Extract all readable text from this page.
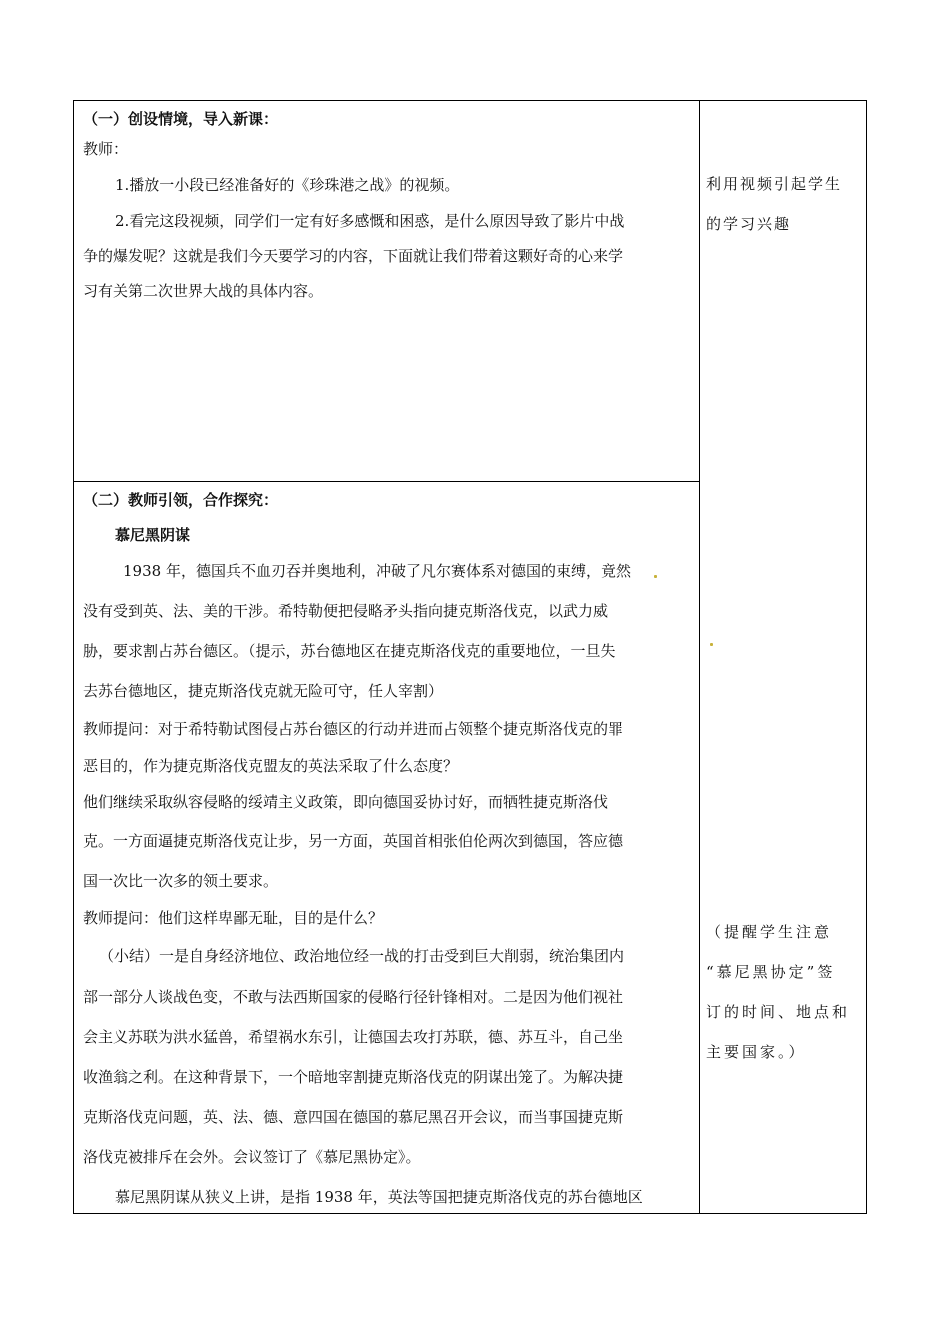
（一）创设情境，导入新课：

教师：

1.播放一小段已经准备好的《珍珠港之战》的视频。

2.看完这段视频，同学们一定有好多感慨和困惑，是什么原因导致了影片中战

争的爆发呢？这就是我们今天要学习的内容，下面就让我们带着这颗好奇的心来学

习有关第二次世界大战的具体内容。

利用视频引起学生

的学习兴趣

（二）教师引领，合作探究：

慕尼黑阴谋

1938 年，德国兵不血刃吞并奥地利，冲破了凡尔赛体系对德国的束缚，竟然

没有受到英、法、美的干涉。希特勒便把侵略矛头指向捷克斯洛伐克，以武力威

胁，要求割占苏台德区。（提示，苏台德地区在捷克斯洛伐克的重要地位，一旦失

去苏台德地区，捷克斯洛伐克就无险可守，任人宰割）

教师提问：对于希特勒试图侵占苏台德区的行动并进而占领整个捷克斯洛伐克的罪

恶目的，作为捷克斯洛伐克盟友的英法采取了什么态度？

他们继续采取纵容侵略的绥靖主义政策，即向德国妥协讨好，而牺牲捷克斯洛伐

克。一方面逼捷克斯洛伐克让步，另一方面，英国首相张伯伦两次到德国，答应德

国一次比一次多的领土要求。

教师提问：他们这样卑鄙无耻，目的是什么？

（小结）一是自身经济地位、政治地位经一战的打击受到巨大削弱，统治集团内

部一部分人谈战色变，不敢与法西斯国家的侵略行径针锋相对。二是因为他们视社

会主义苏联为洪水猛兽，希望祸水东引，让德国去攻打苏联，德、苏互斗，自己坐

收渔翁之利。在这种背景下，一个暗地宰割捷克斯洛伐克的阴谋出笼了。为解决捷

克斯洛伐克问题，英、法、德、意四国在德国的慕尼黑召开会议，而当事国捷克斯

洛伐克被排斥在会外。会议签订了《慕尼黑协定》。

慕尼黑阴谋从狭义上讲，是指 1938 年，英法等国把捷克斯洛伐克的苏台德地区

（提醒学生注意

“慕尼黑协定”签

订的时间、地点和

主要国家。）
